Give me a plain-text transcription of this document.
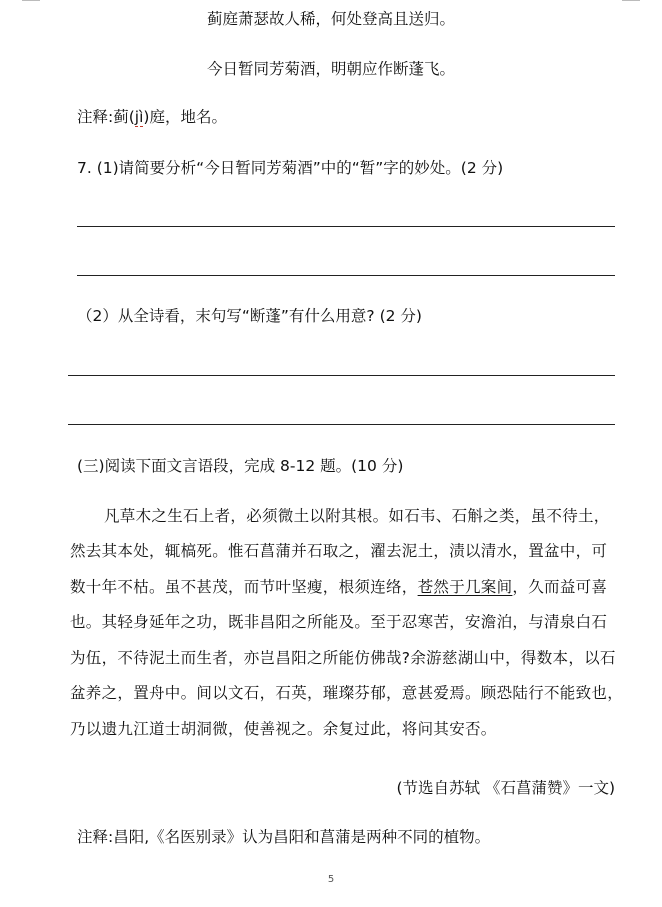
蓟庭萧瑟故人稀，何处登高且送归。
今日暂同芳菊酒，明朝应作断蓬飞。
注释:蓟(jì)庭，地名。
7. (1)请简要分析“今日暂同芳菊酒”中的“暂”字的妙处。(2 分)
（2）从全诗看，末句写“断蓬”有什么用意? (2 分)
(三)阅读下面文言语段，完成 8-12 题。(10 分)
凡草木之生石上者，必须微土以附其根。如石韦、石斛之类，虽不待土，
然去其本处，辄槁死。惟石菖蒲并石取之，濯去泥土，渍以清水，置盆中，可
数十年不枯。虽不甚茂，而节叶坚瘦，根须连络，苍然于几案间，久而益可喜
也。其轻身延年之功，既非昌阳之所能及。至于忍寒苦，安澹泊，与清泉白石
为伍，不待泥土而生者，亦岂昌阳之所能仿佛哉?余游慈湖山中，得数本，以石
盆养之，置舟中。间以文石，石英，璀璨芬郁，意甚爱焉。顾恐陆行不能致也，
乃以遗九江道士胡洞微，使善视之。余复过此，将问其安否。
(节选自苏轼 《石菖蒲赞》一文)
注释:昌阳,《名医别录》认为昌阳和菖蒲是两种不同的植物。
5
